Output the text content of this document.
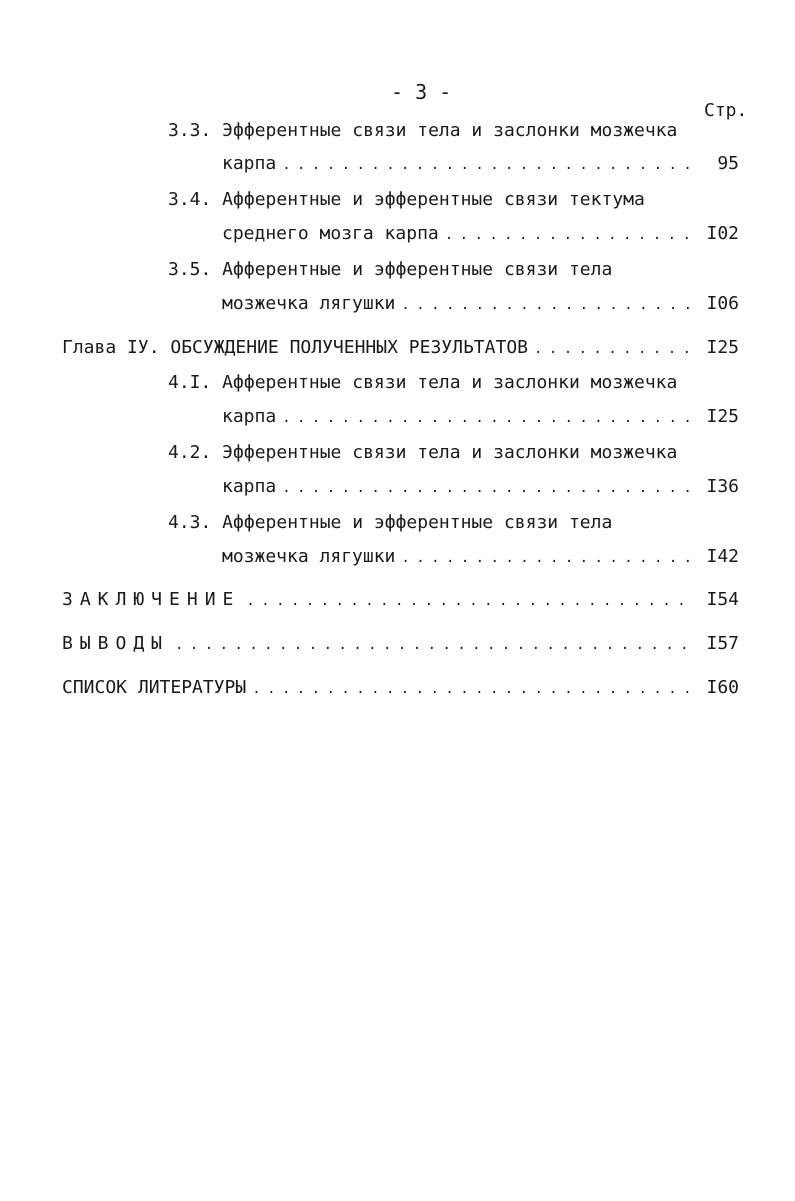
- 3 -
Стр.
3.3. Эфферентные связи тела и заслонки мозжечка
карпа . . .	95
3.4. Афферентные и эфферентные связи тектума
среднего мозга карпа . . .	I02
3.5. Афферентные и эфферентные связи тела
мозжечка лягушки . . .	I06
Глава IУ. ОБСУЖДЕНИЕ ПОЛУЧЕННЫХ РЕЗУЛЬТАТОВ . . .	I25
4.I. Афферентные связи тела и заслонки мозжечка
карпа . . .	I25
4.2. Эфферентные связи тела и заслонки мозжечка
карпа . . .	I36
4.3. Афферентные и эфферентные связи тела
мозжечка лягушки . . .	I42
ЗАКЛЮЧЕНИЕ . . .	I54
ВЫВОДЫ . . .	I57
СПИСОК ЛИТЕРАТУРЫ . . .	I60
